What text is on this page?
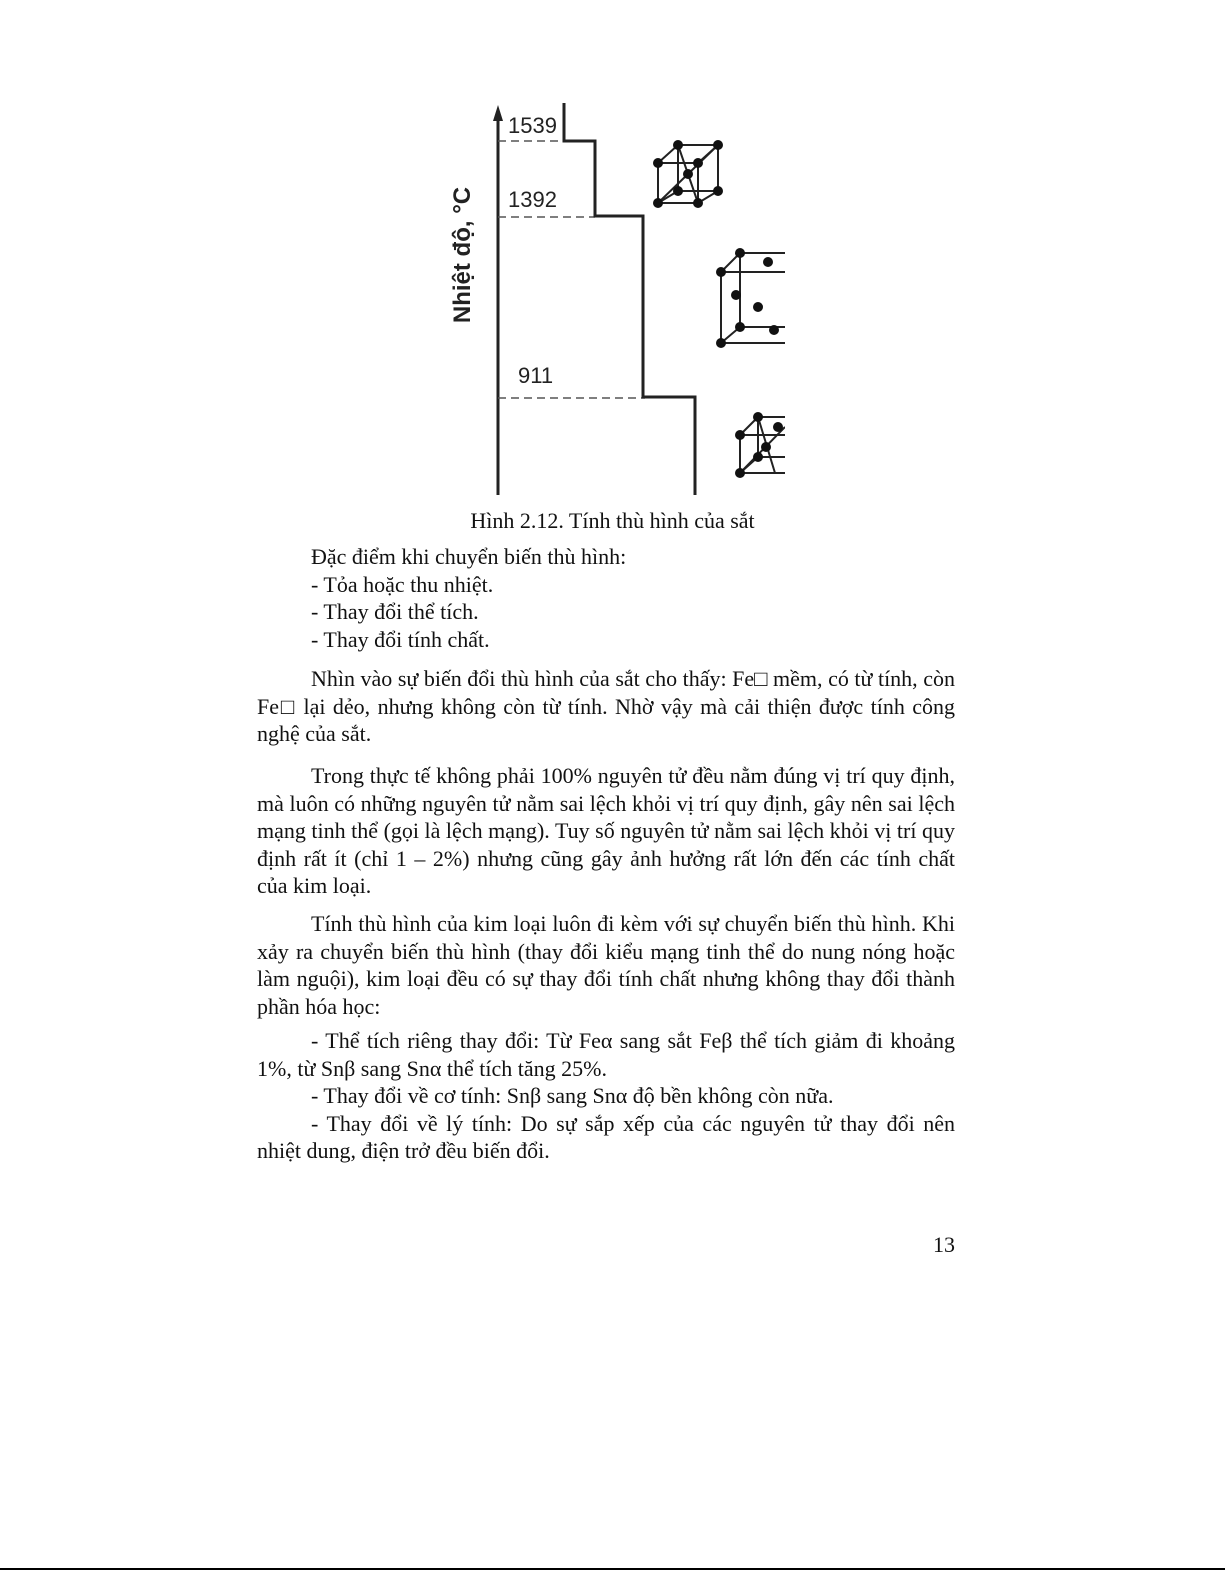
Nhiệt độ, °C
1539
1392
911
Hình 2.12. Tính thù hình của sắt
Đặc điểm khi chuyển biến thù hình:
- Tỏa hoặc thu nhiệt.
- Thay đổi thể tích.
- Thay đổi tính chất.
Nhìn vào sự biến đổi thù hình của sắt cho thấy: Fe□ mềm, có từ tính, còn Fe□ lại dẻo, nhưng không còn từ tính. Nhờ vậy mà cải thiện được tính công nghệ của sắt.
Trong thực tế không phải 100% nguyên tử đều nằm đúng vị trí quy định, mà luôn có những nguyên tử nằm sai lệch khỏi vị trí quy định, gây nên sai lệch mạng tinh thể (gọi là lệch mạng). Tuy số nguyên tử nằm sai lệch khỏi vị trí quy định rất ít (chỉ 1 – 2%) nhưng cũng gây ảnh hưởng rất lớn đến các tính chất của kim loại.
Tính thù hình của kim loại luôn đi kèm với sự chuyển biến thù hình. Khi xảy ra chuyển biến thù hình (thay đổi kiểu mạng tinh thể do nung nóng hoặc làm nguội), kim loại đều có sự thay đổi tính chất nhưng không thay đổi thành phần hóa học:
- Thể tích riêng thay đổi: Từ Feα sang sắt Feβ thể tích giảm đi khoảng 1%, từ Snβ sang Snα thể tích tăng 25%.
- Thay đổi về cơ tính: Snβ sang Snα độ bền không còn nữa.
- Thay đổi về lý tính: Do sự sắp xếp của các nguyên tử thay đổi nên nhiệt dung, điện trở đều biến đổi.
13
